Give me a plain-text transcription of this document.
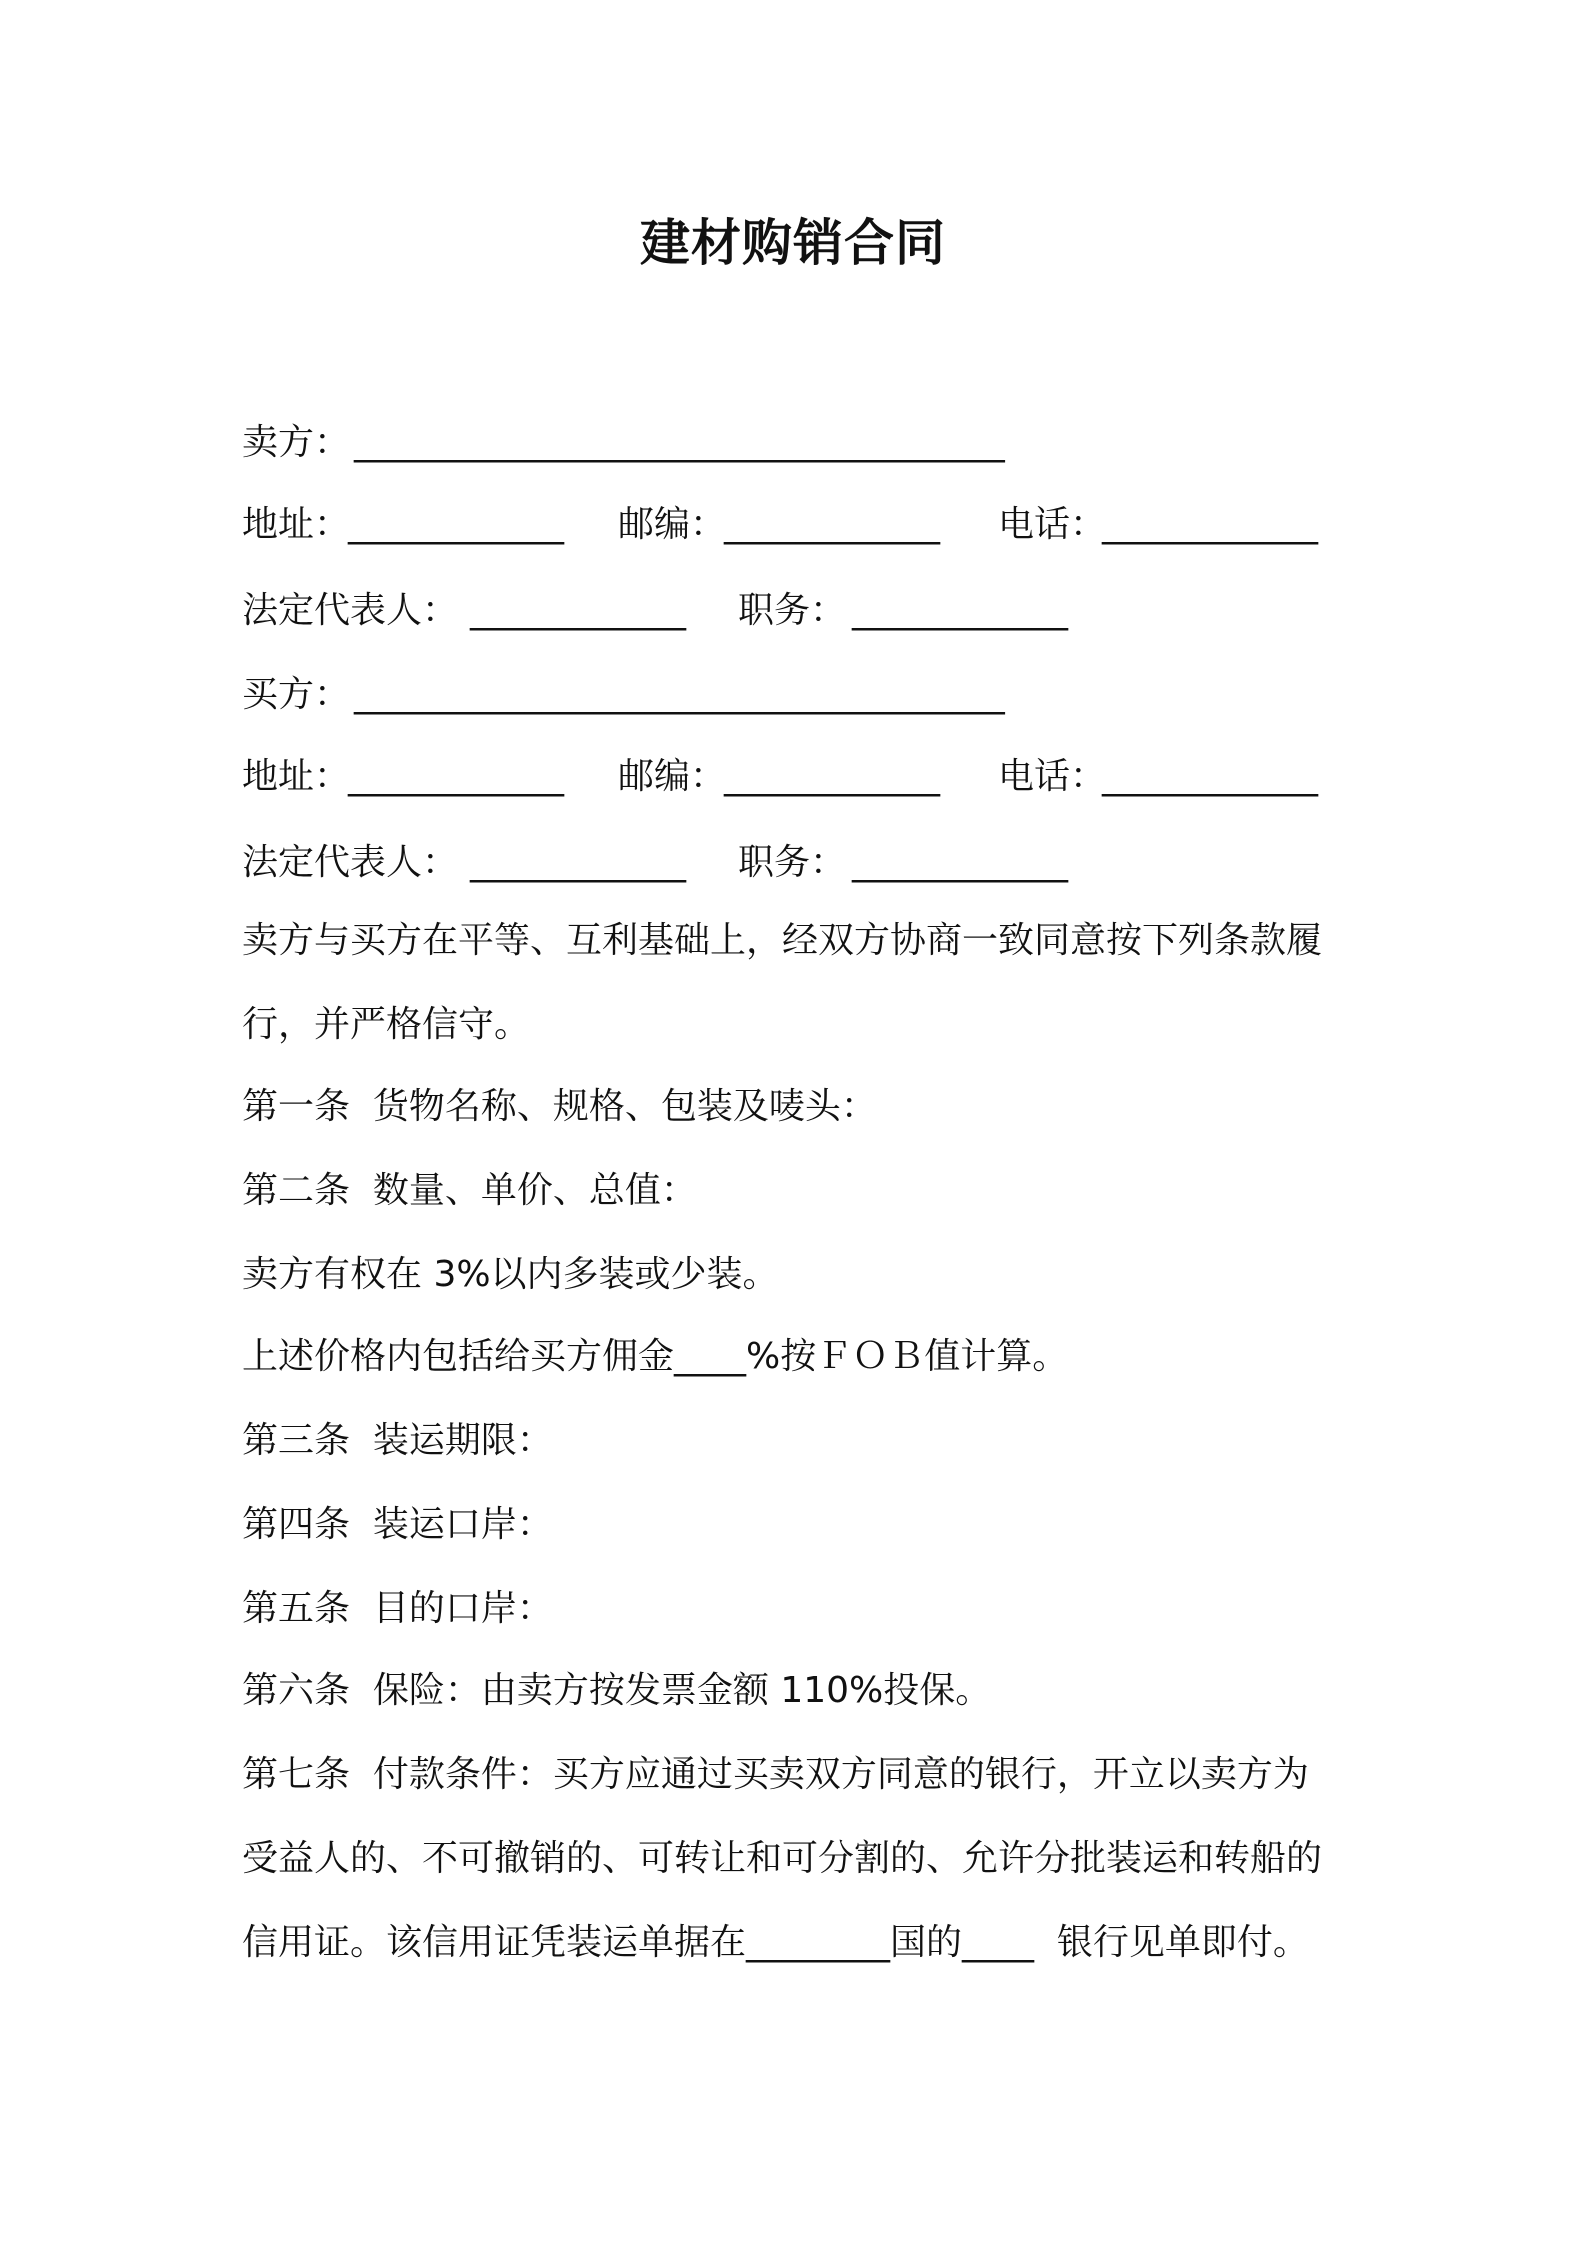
建材购销合同

卖方：

______________________________________

地址：

____________

邮编：

____________

电话：

____________

法定代表人：

____________

职务：

____________

买方：

______________________________________

地址：

____________

邮编：

____________

电话：

____________

法定代表人：

____________

职务：

____________

卖方与买方在平等、互利基础上，经双方协商一致同意按下列条款履
行，并严格信守。
第一条  货物名称、规格、包装及唛头：
第二条  数量、单价、总值：
卖方有权在 3%以内多装或少装。
上述价格内包括给买方佣金____%按ＦＯＢ值计算。
第三条  装运期限：
第四条  装运口岸：
第五条  目的口岸：
第六条  保险：由卖方按发票金额 110%投保。
第七条  付款条件：买方应通过买卖双方同意的银行，开立以卖方为
受益人的、不可撤销的、可转让和可分割的、允许分批装运和转船的
信用证。该信用证凭装运单据在________国的____  银行见单即付。
